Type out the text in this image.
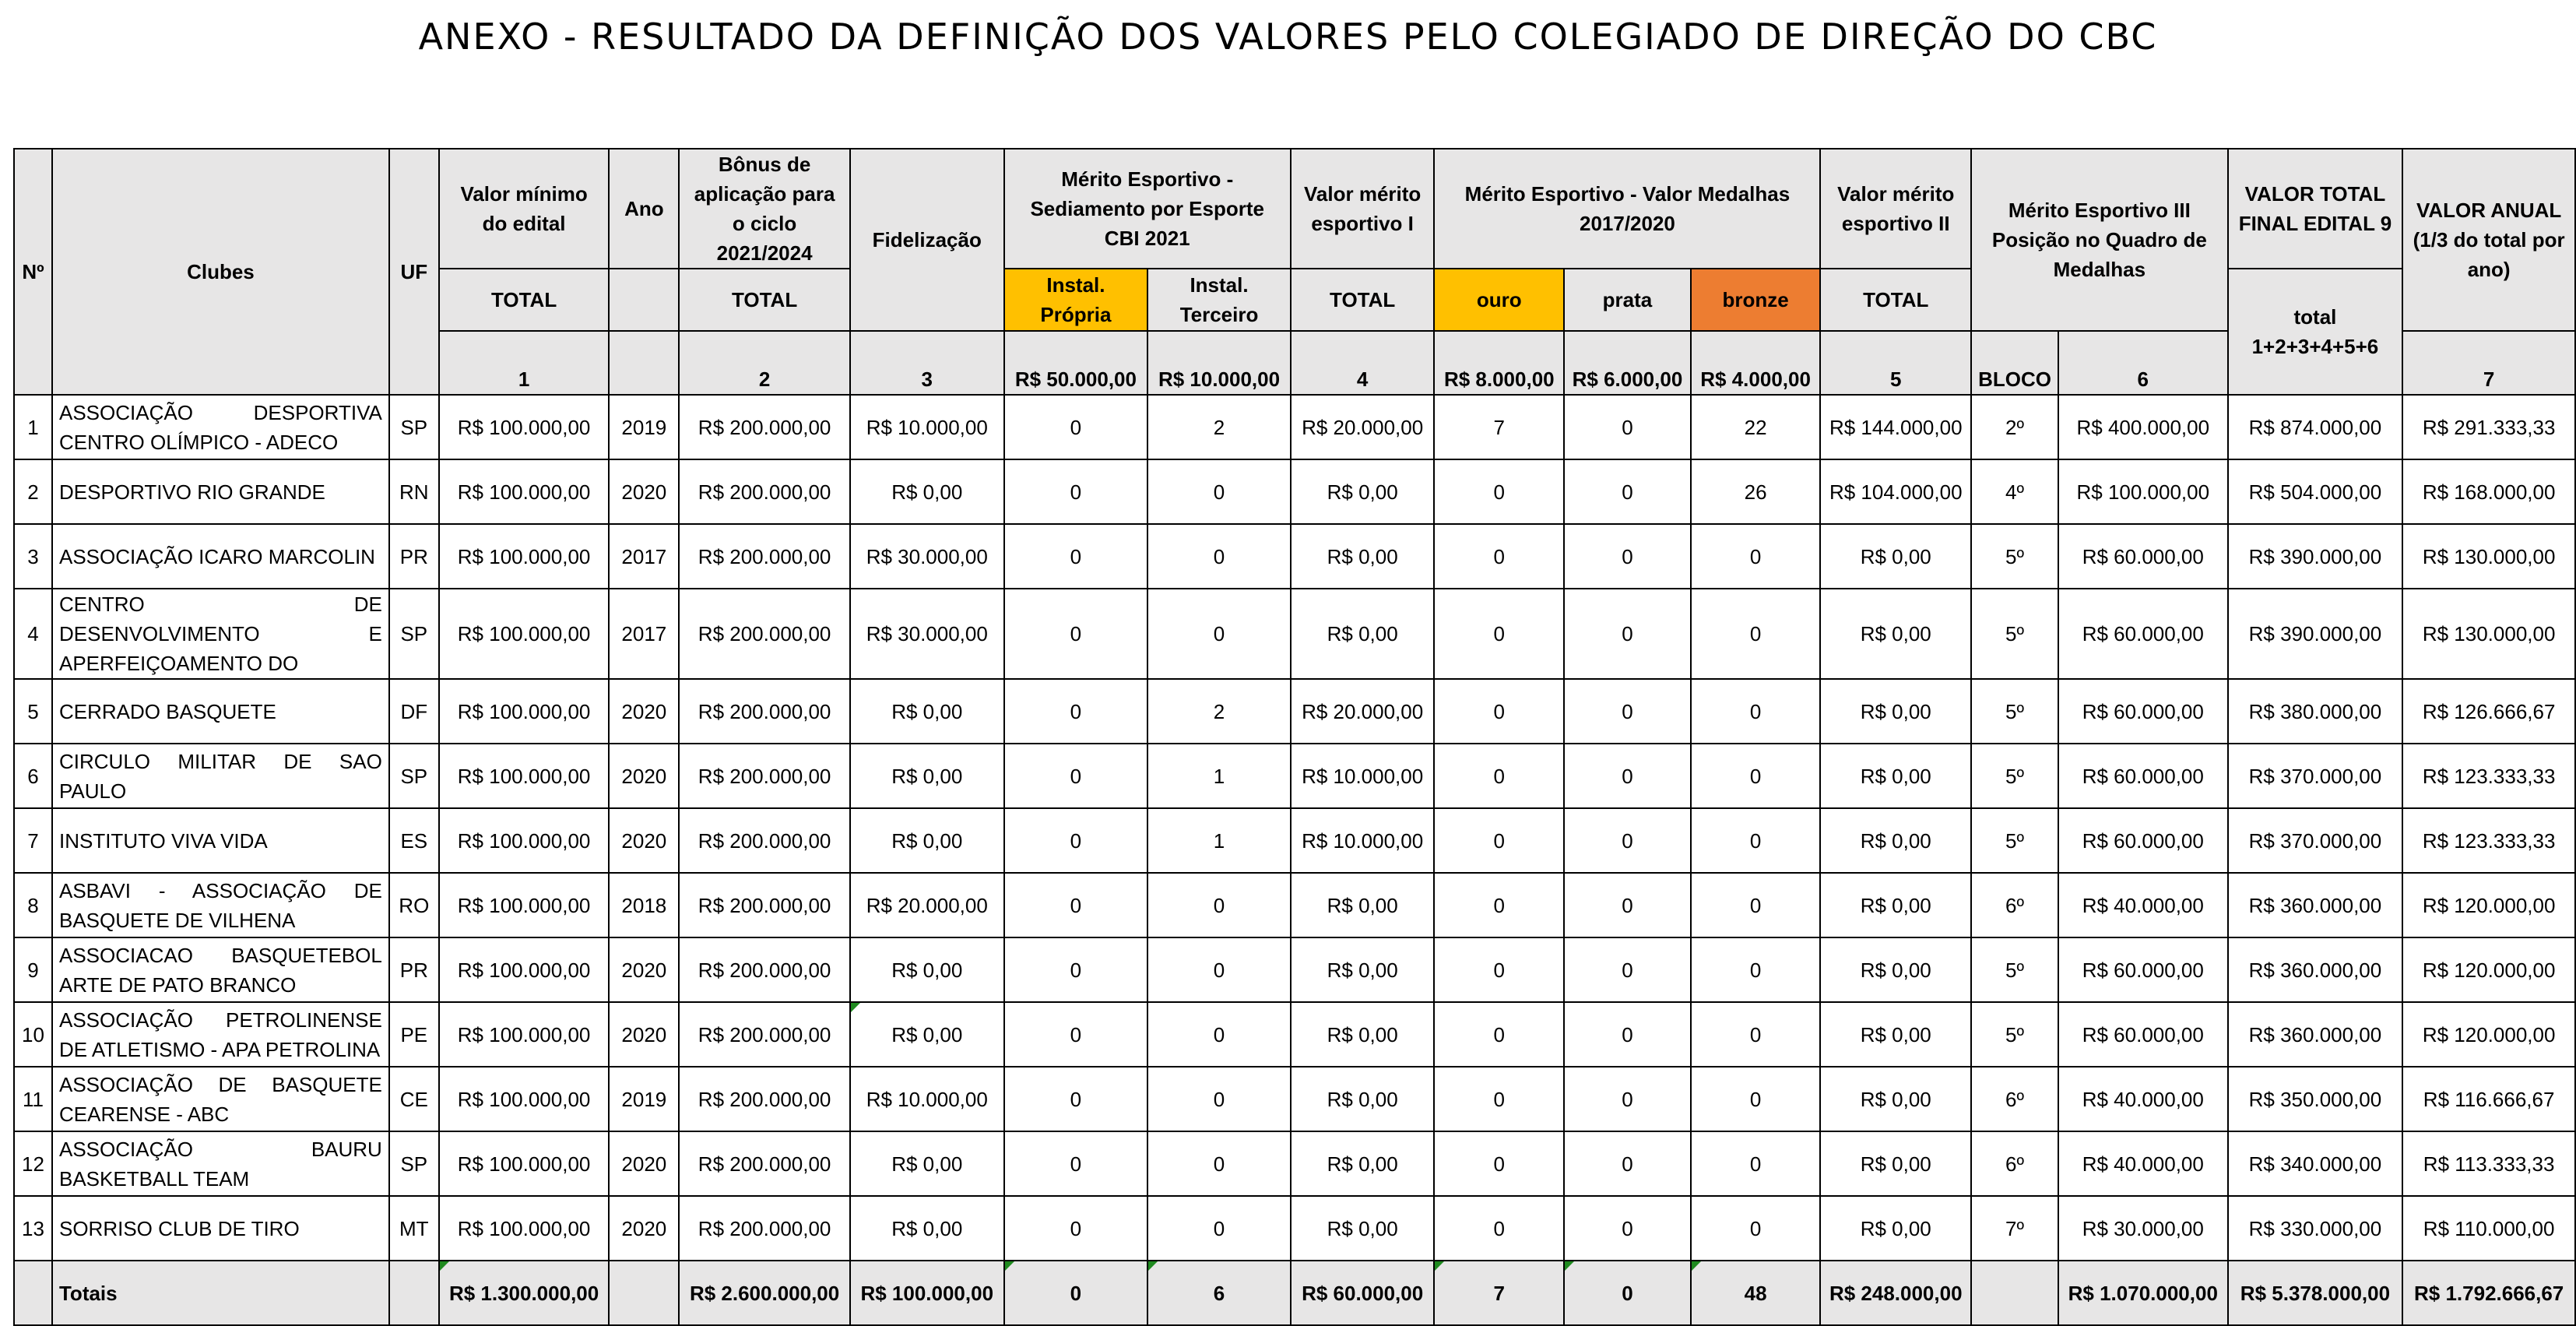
ANEXO - RESULTADO DA DEFINIÇÃO DOS VALORES PELO COLEGIADO DE DIREÇÃO DO CBC
Nº	Clubes	UF	Valor mínimo do edital	Ano	Bônus de aplicação para o ciclo 2021/2024	Fidelização	Mérito Esportivo - Sediamento por Esporte CBI 2021		Valor mérito esportivo I	Mérito Esportivo - Valor Medalhas 2017/2020			Valor mérito esportivo II	Mérito Esportivo III Posição no Quadro de Medalhas		VALOR TOTAL FINAL EDITAL 9	VALOR ANUAL (1/3 do total por ano)
			TOTAL		TOTAL		Instal. Própria	Instal. Terceiro	TOTAL	ouro	prata	bronze	TOTAL			total 1+2+3+4+5+6	
			1		2	3	R$ 50.000,00	R$ 10.000,00	4	R$ 8.000,00	R$ 6.000,00	R$ 4.000,00	5	BLOCO	6		7
1	ASSOCIAÇÃO DESPORTIVA CENTRO OLÍMPICO - ADECO	SP	R$ 100.000,00	2019	R$ 200.000,00	R$ 10.000,00	0	2	R$ 20.000,00	7	0	22	R$ 144.000,00	2º	R$ 400.000,00	R$ 874.000,00	R$ 291.333,33
2	DESPORTIVO RIO GRANDE	RN	R$ 100.000,00	2020	R$ 200.000,00	R$ 0,00	0	0	R$ 0,00	0	0	26	R$ 104.000,00	4º	R$ 100.000,00	R$ 504.000,00	R$ 168.000,00
3	ASSOCIAÇÃO ICARO MARCOLIN	PR	R$ 100.000,00	2017	R$ 200.000,00	R$ 30.000,00	0	0	R$ 0,00	0	0	0	R$ 0,00	5º	R$ 60.000,00	R$ 390.000,00	R$ 130.000,00
4	CENTRO DE DESENVOLVIMENTO E APERFEIÇOAMENTO DO	SP	R$ 100.000,00	2017	R$ 200.000,00	R$ 30.000,00	0	0	R$ 0,00	0	0	0	R$ 0,00	5º	R$ 60.000,00	R$ 390.000,00	R$ 130.000,00
5	CERRADO BASQUETE	DF	R$ 100.000,00	2020	R$ 200.000,00	R$ 0,00	0	2	R$ 20.000,00	0	0	0	R$ 0,00	5º	R$ 60.000,00	R$ 380.000,00	R$ 126.666,67
6	CIRCULO MILITAR DE SAO PAULO	SP	R$ 100.000,00	2020	R$ 200.000,00	R$ 0,00	0	1	R$ 10.000,00	0	0	0	R$ 0,00	5º	R$ 60.000,00	R$ 370.000,00	R$ 123.333,33
7	INSTITUTO VIVA VIDA	ES	R$ 100.000,00	2020	R$ 200.000,00	R$ 0,00	0	1	R$ 10.000,00	0	0	0	R$ 0,00	5º	R$ 60.000,00	R$ 370.000,00	R$ 123.333,33
8	ASBAVI - ASSOCIAÇÃO DE BASQUETE DE VILHENA	RO	R$ 100.000,00	2018	R$ 200.000,00	R$ 20.000,00	0	0	R$ 0,00	0	0	0	R$ 0,00	6º	R$ 40.000,00	R$ 360.000,00	R$ 120.000,00
9	ASSOCIACAO BASQUETEBOL ARTE DE PATO BRANCO	PR	R$ 100.000,00	2020	R$ 200.000,00	R$ 0,00	0	0	R$ 0,00	0	0	0	R$ 0,00	5º	R$ 60.000,00	R$ 360.000,00	R$ 120.000,00
10	ASSOCIAÇÃO PETROLINENSE DE ATLETISMO - APA PETROLINA	PE	R$ 100.000,00	2020	R$ 200.000,00	R$ 0,00	0	0	R$ 0,00	0	0	0	R$ 0,00	5º	R$ 60.000,00	R$ 360.000,00	R$ 120.000,00
11	ASSOCIAÇÃO DE BASQUETE CEARENSE - ABC	CE	R$ 100.000,00	2019	R$ 200.000,00	R$ 10.000,00	0	0	R$ 0,00	0	0	0	R$ 0,00	6º	R$ 40.000,00	R$ 350.000,00	R$ 116.666,67
12	ASSOCIAÇÃO BAURU BASKETBALL TEAM	SP	R$ 100.000,00	2020	R$ 200.000,00	R$ 0,00	0	0	R$ 0,00	0	0	0	R$ 0,00	6º	R$ 40.000,00	R$ 340.000,00	R$ 113.333,33
13	SORRISO CLUB DE TIRO	MT	R$ 100.000,00	2020	R$ 200.000,00	R$ 0,00	0	0	R$ 0,00	0	0	0	R$ 0,00	7º	R$ 30.000,00	R$ 330.000,00	R$ 110.000,00
	Totais		R$ 1.300.000,00		R$ 2.600.000,00	R$ 100.000,00	0	6	R$ 60.000,00	7	0	48	R$ 248.000,00		R$ 1.070.000,00	R$ 5.378.000,00	R$ 1.792.666,67
